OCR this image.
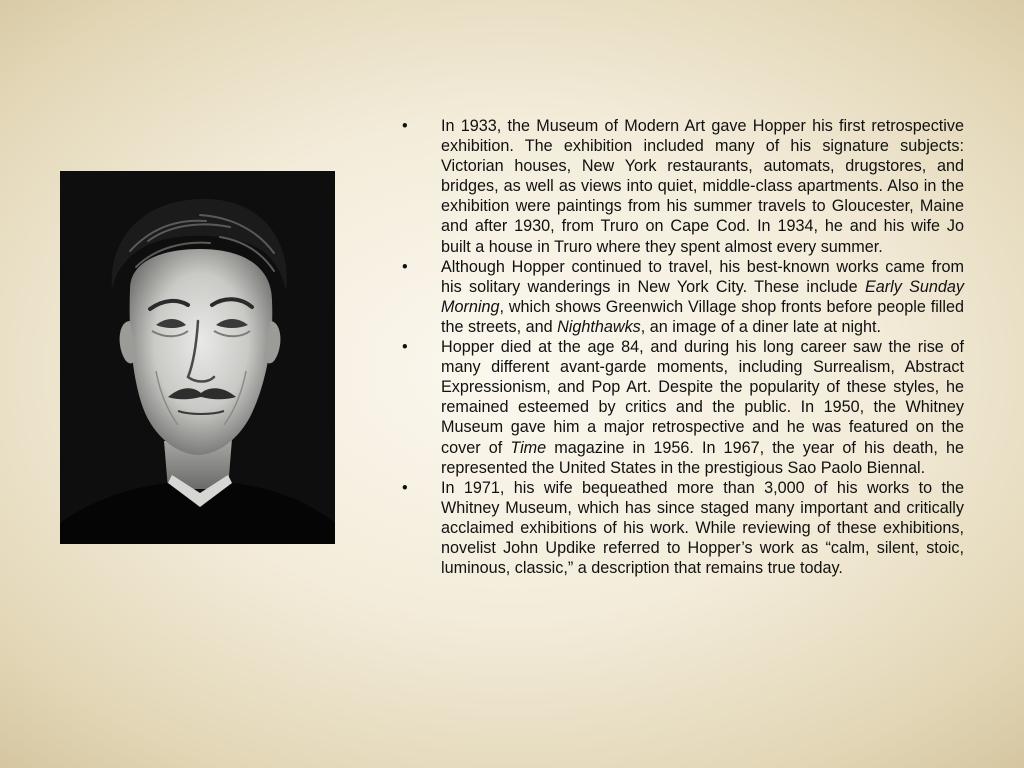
•	In 1933, the Museum of Modern Art gave Hopper his first retrospective exhibition. The exhibition included many of his signature subjects: Victorian houses, New York restaurants, automats, drugstores, and bridges, as well as views into quiet, middle-class apartments. Also in the exhibition were paintings from his summer travels to Gloucester, Maine and after 1930, from Truro on Cape Cod. In 1934, he and his wife Jo built a house in Truro where they spent almost every summer.
•	Although Hopper continued to travel, his best-known works came from his solitary wanderings in New York City. These include Early Sunday Morning, which shows Greenwich Village shop fronts before people filled the streets, and Nighthawks, an image of a diner late at night.
•	Hopper died at the age 84, and during his long career saw the rise of many different avant-garde moments, including Surrealism, Abstract Expressionism, and Pop Art. Despite the popularity of these styles, he remained esteemed by critics and the public. In 1950, the Whitney Museum gave him a major retrospective and he was featured on the cover of Time magazine in 1956. In 1967, the year of his death, he represented the United States in the prestigious Sao Paolo Biennal.
•	In 1971, his wife bequeathed more than 3,000 of his works to the Whitney Museum, which has since staged many important and critically acclaimed exhibitions of his work. While reviewing of these exhibitions, novelist John Updike referred to Hopper’s work as “calm, silent, stoic, luminous, classic,” a description that remains true today.
